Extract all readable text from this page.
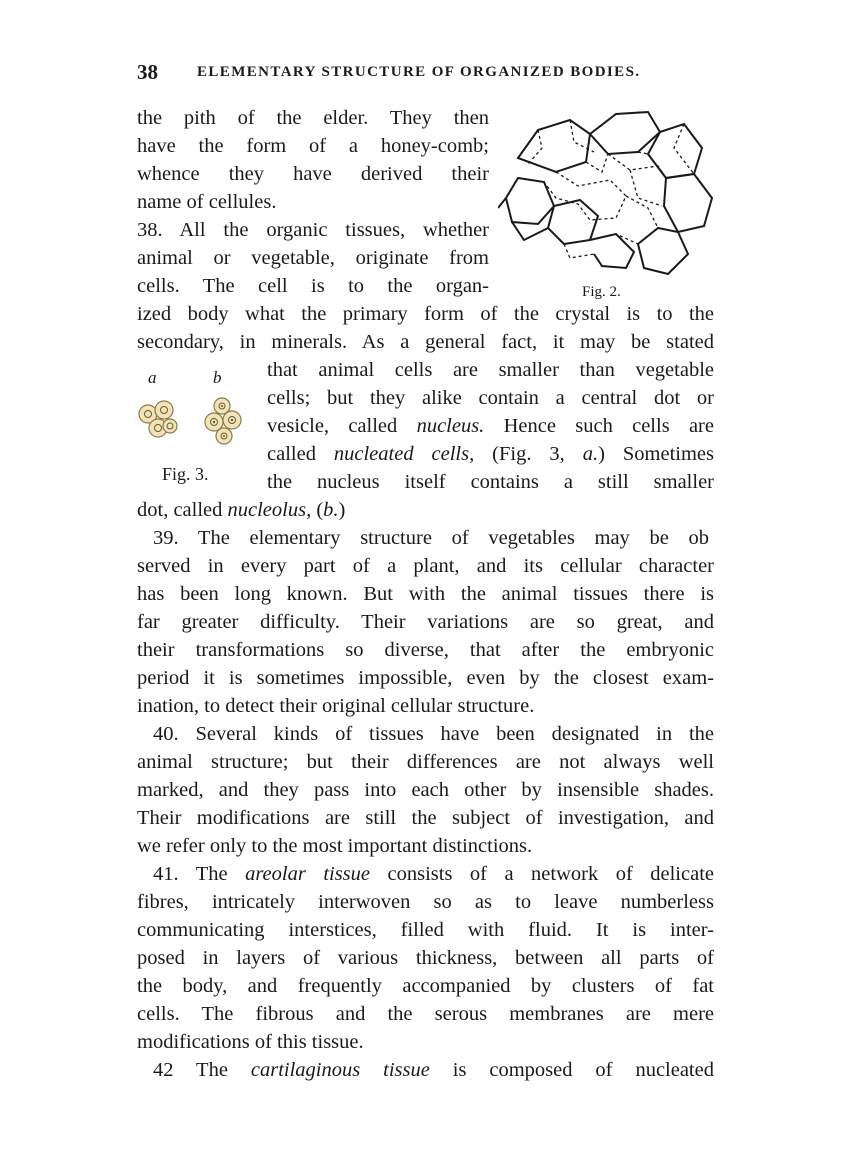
38	ELEMENTARY STRUCTURE OF ORGANIZED BODIES.
the pith of the elder. They then
have the form of a honey-comb;
whence they have derived their
name of cellules.
38. All the organic tissues, whether
animal or vegetable, originate from
cells. The cell is to the organ-	Fig. 2.
ized body what the primary form of the crystal is to the
secondary, in minerals. As a general fact, it may be stated
a	b
Fig. 3.
that animal cells are smaller than vegetable
cells; but they alike contain a central dot or
vesicle, called nucleus. Hence such cells are
called nucleated cells, (Fig. 3, a.) Sometimes
the nucleus itself contains a still smaller
dot, called nucleolus, (b.)
39. The elementary structure of vegetables may be ob
served in every part of a plant, and its cellular character
has been long known. But with the animal tissues there is
far greater difficulty. Their variations are so great, and
their transformations so diverse, that after the embryonic
period it is sometimes impossible, even by the closest exam-
ination, to detect their original cellular structure.
40. Several kinds of tissues have been designated in the
animal structure; but their differences are not always well
marked, and they pass into each other by insensible shades.
Their modifications are still the subject of investigation, and
we refer only to the most important distinctions.
41. The areolar tissue consists of a network of delicate
fibres, intricately interwoven so as to leave numberless
communicating interstices, filled with fluid. It is inter-
posed in layers of various thickness, between all parts of
the body, and frequently accompanied by clusters of fat
cells. The fibrous and the serous membranes are mere
modifications of this tissue.
42 The cartilaginous tissue is composed of nucleated
